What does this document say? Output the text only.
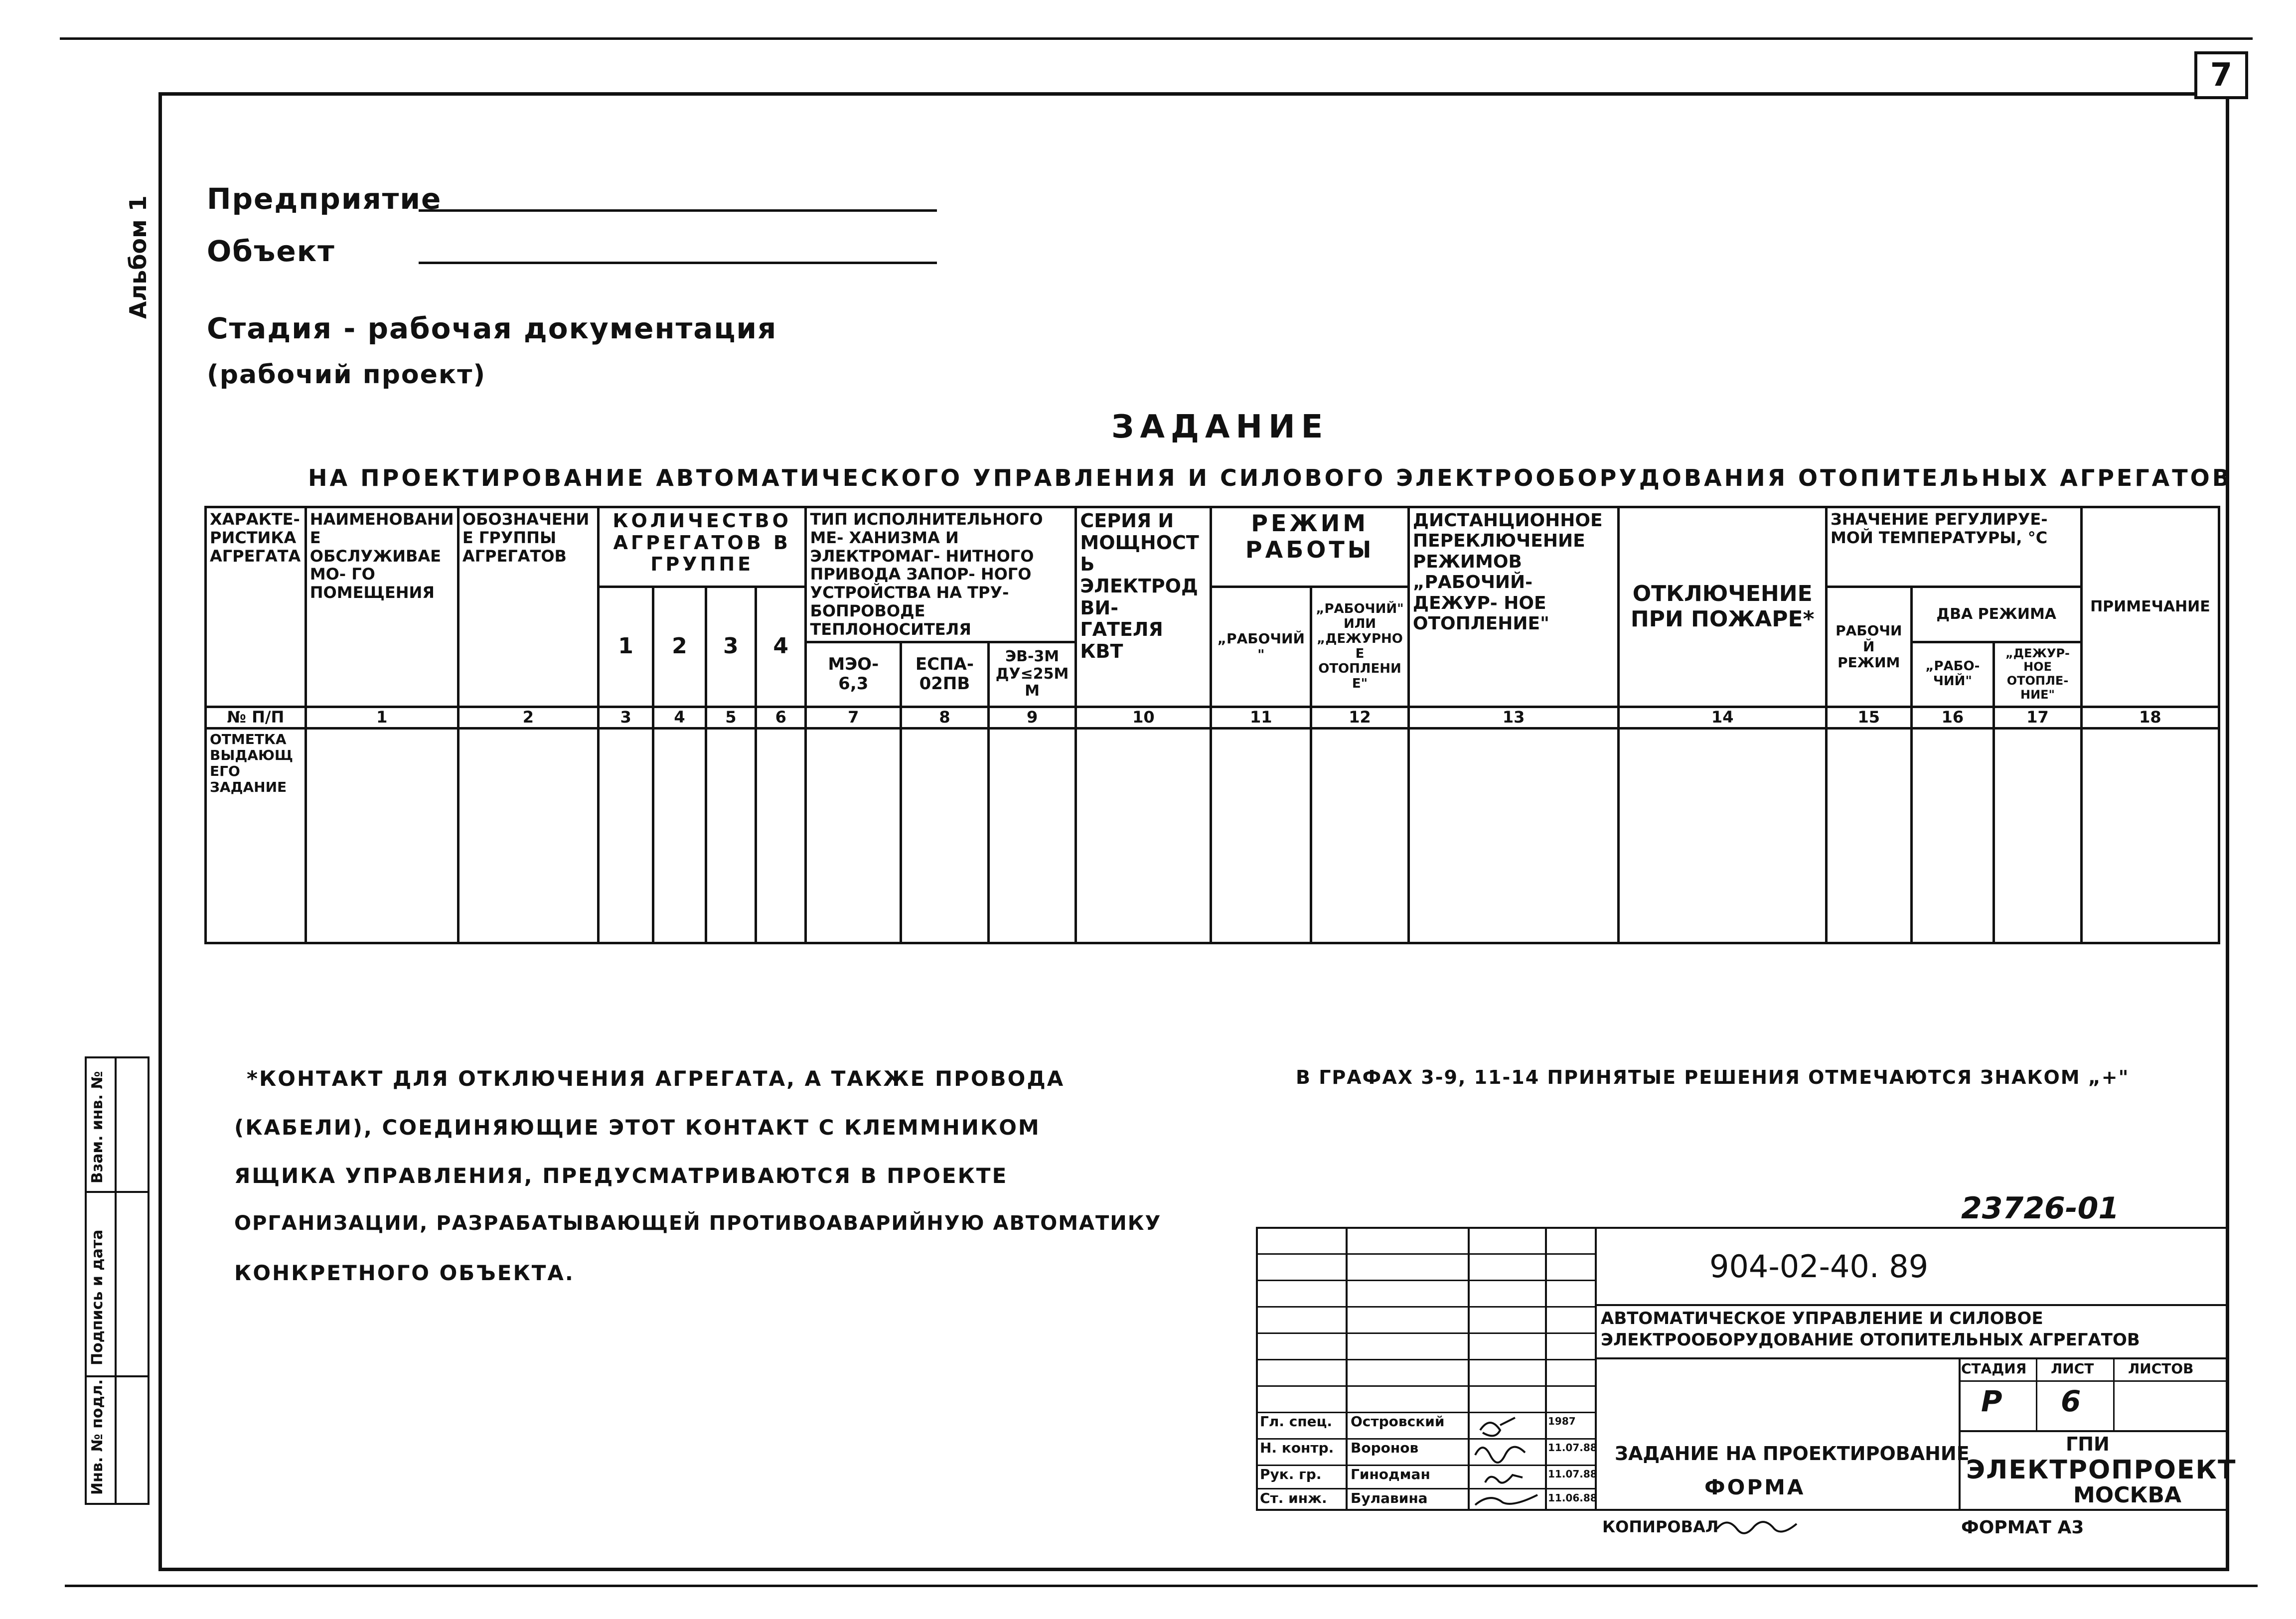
7
Альбом 1 Предприятие
Объект
Стадия - рабочая документация
(рабочий проект)
ЗАДАНИЕ
НА ПРОЕКТИРОВАНИЕ АВТОМАТИЧЕСКОГО УПРАВЛЕНИЯ И СИЛОВОГО ЭЛЕКТРООБОРУДОВАНИЯ ОТОПИТЕЛЬНЫХ АГРЕГАТОВ
ХАРАКТЕ- РИСТИКА АГРЕГАТА	НАИМЕНОВАНИЕ ОБСЛУЖИВАЕМО- ГО ПОМЕЩЕНИЯ	ОБОЗНАЧЕНИЕ ГРУППЫ АГРЕГАТОВ	КОЛИЧЕСТВО АГРЕГАТОВ В ГРУППЕ				ТИП ИСПОЛНИТЕЛЬНОГО МЕ- ХАНИЗМА И ЭЛЕКТРОМАГ- НИТНОГО ПРИВОДА ЗАПОР- НОГО УСТРОЙСТВА НА ТРУ- БОПРОВОДЕ ТЕПЛОНОСИТЕЛЯ			СЕРИЯ И МОЩНОСТЬ ЭЛЕКТРОДВИ- ГАТЕЛЯ КВТ	РЕЖИМ РАБОТЫ		ДИСТАНЦИОННОЕ ПЕРЕКЛЮЧЕНИЕ РЕЖИМОВ „РАБОЧИЙ-ДЕЖУР- НОЕ ОТОПЛЕНИЕ"	ОТКЛЮЧЕНИЕ ПРИ ПОЖАРЕ*	ЗНАЧЕНИЕ РЕГУЛИРУЕ- МОЙ ТЕМПЕРАТУРЫ, °С			ПРИМЕЧАНИЕ
			1	2	3	4					„РАБОЧИЙ"	„РАБОЧИЙ" ИЛИ „ДЕЖУРНОЕ ОТОПЛЕНИЕ"			РАБОЧИЙ РЕЖИМ	ДВА РЕЖИМА		
							МЭО- 6,3	ЕСПА- 02ПВ	ЭВ-3М ДУ≤25ММ							„РАБО- ЧИЙ"	„ДЕЖУР- НОЕ ОТОПЛЕ- НИЕ"	
№ П/П	1	2	3	4	5	6	7	8	9	10	11	12	13	14	15	16	17	18
ОТМЕТКА ВЫДАЮЩЕГО ЗАДАНИЕ																		
*КОНТАКТ ДЛЯ ОТКЛЮЧЕНИЯ АГРЕГАТА, А ТАКЖЕ ПРОВОДА
(КАБЕЛИ), СОЕДИНЯЮЩИЕ ЭТОТ КОНТАКТ С КЛЕММНИКОМ
ЯЩИКА УПРАВЛЕНИЯ, ПРЕДУСМАТРИВАЮТСЯ В ПРОЕКТЕ
ОРГАНИЗАЦИИ, РАЗРАБАТЫВАЮЩЕЙ ПРОТИВОАВАРИЙНУЮ АВТОМАТИКУ
КОНКРЕТНОГО ОБЪЕКТА.
В ГРАФАХ 3-9, 11-14 ПРИНЯТЫЕ РЕШЕНИЯ ОТМЕЧАЮТСЯ ЗНАКОМ „+"
Инв. № подл.
Подпись и дата
Взам. инв. №
23726-01
Гл. спец. Островский	1987
Н. контр. Воронов	11.07.88
Рук. гр. Гинодман	11.07.88
Ст. инж. Булавина	11.06.88
904-02-40. 89
АВТОМАТИЧЕСКОЕ УПРАВЛЕНИЕ И СИЛОВОЕ ЭЛЕКТРООБОРУДОВАНИЕ ОТОПИТЕЛЬНЫХ АГРЕГАТОВ
СТАДИЯ ЛИСТ ЛИСТОВ
Р 6
ЗАДАНИЕ НА ПРОЕКТИРОВАНИЕ
ФОРМА
ГПИ
ЭЛЕКТРОПРОЕКТ
МОСКВА
КОПИРОВАЛ	ФОРМАТ А3
